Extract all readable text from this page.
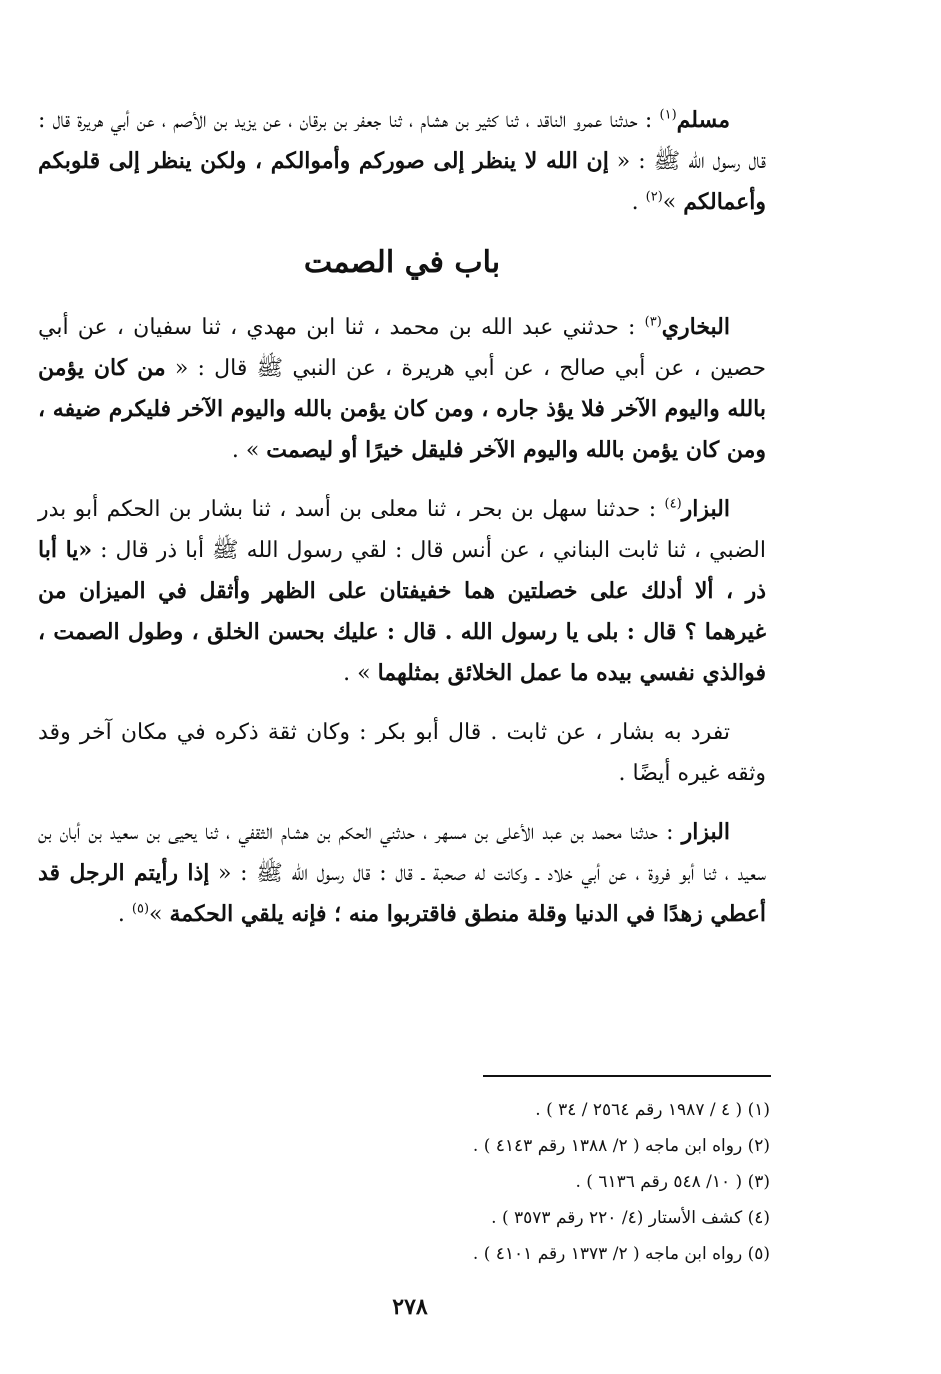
مسلم$^{(١)}$ : حدثنا عمرو الناقد ، ثنا كثير بن هشام ، ثنا جعفر بن برقان ، عن يزيد بن الأصم ، عن أبي هريرة قال : قال رسول الله ﷺ : « إن الله لا ينظر إلى صوركم وأموالكم ، ولكن ينظر إلى قلوبكم وأعمالكم »$^{(٢)}$ .

باب في الصمت

البخاري$^{(٣)}$ : حدثني عبد الله بن محمد ، ثنا ابن مهدي ، ثنا سفيان ، عن أبي حصين ، عن أبي صالح ، عن أبي هريرة ، عن النبي ﷺ قال : « من كان يؤمن بالله واليوم الآخر فلا يؤذ جاره ، ومن كان يؤمن بالله واليوم الآخر فليكرم ضيفه ، ومن كان يؤمن بالله واليوم الآخر فليقل خيرًا أو ليصمت » .

البزار$^{(٤)}$ : حدثنا سهل بن بحر ، ثنا معلى بن أسد ، ثنا بشار بن الحكم أبو بدر الضبي ، ثنا ثابت البناني ، عن أنس قال : لقي رسول الله ﷺ أبا ذر قال : «يا أبا ذر ، ألا أدلك على خصلتين هما خفيفتان على الظهر وأثقل في الميزان من غيرهما ؟ قال : بلى يا رسول الله . قال : عليك بحسن الخلق ، وطول الصمت ، فوالذي نفسي بيده ما عمل الخلائق بمثلهما » .

تفرد به بشار ، عن ثابت . قال أبو بكر : وكان ثقة ذكره في مكان آخر وقد وثقه غيره أيضًا .

البزار : حدثنا محمد بن عبد الأعلى بن مسهر ، حدثني الحكم بن هشام الثقفي ، ثنا يحيى بن سعيد بن أبان بن سعيد ، ثنا أبو فروة ، عن أبي خلاد ـ وكانت له صحبة ـ قال : قال رسول الله ﷺ : « إذا رأيتم الرجل قد أعطي زهدًا في الدنيا وقلة منطق فاقتربوا منه ؛ فإنه يلقي الحكمة »$^{(٥)}$ .

(١) ( ٤ / ١٩٨٧ رقم ٢٥٦٤ / ٣٤ ) .
(٢) رواه ابن ماجه ( ٢/ ١٣٨٨ رقم ٤١٤٣ ) .
(٣) ( ١٠/ ٥٤٨ رقم ٦١٣٦ ) .
(٤) كشف الأستار (٤/ ٢٢٠ رقم ٣٥٧٣ ) .
(٥) رواه ابن ماجه ( ٢/ ١٣٧٣ رقم ٤١٠١ ) .
٢٧٨
